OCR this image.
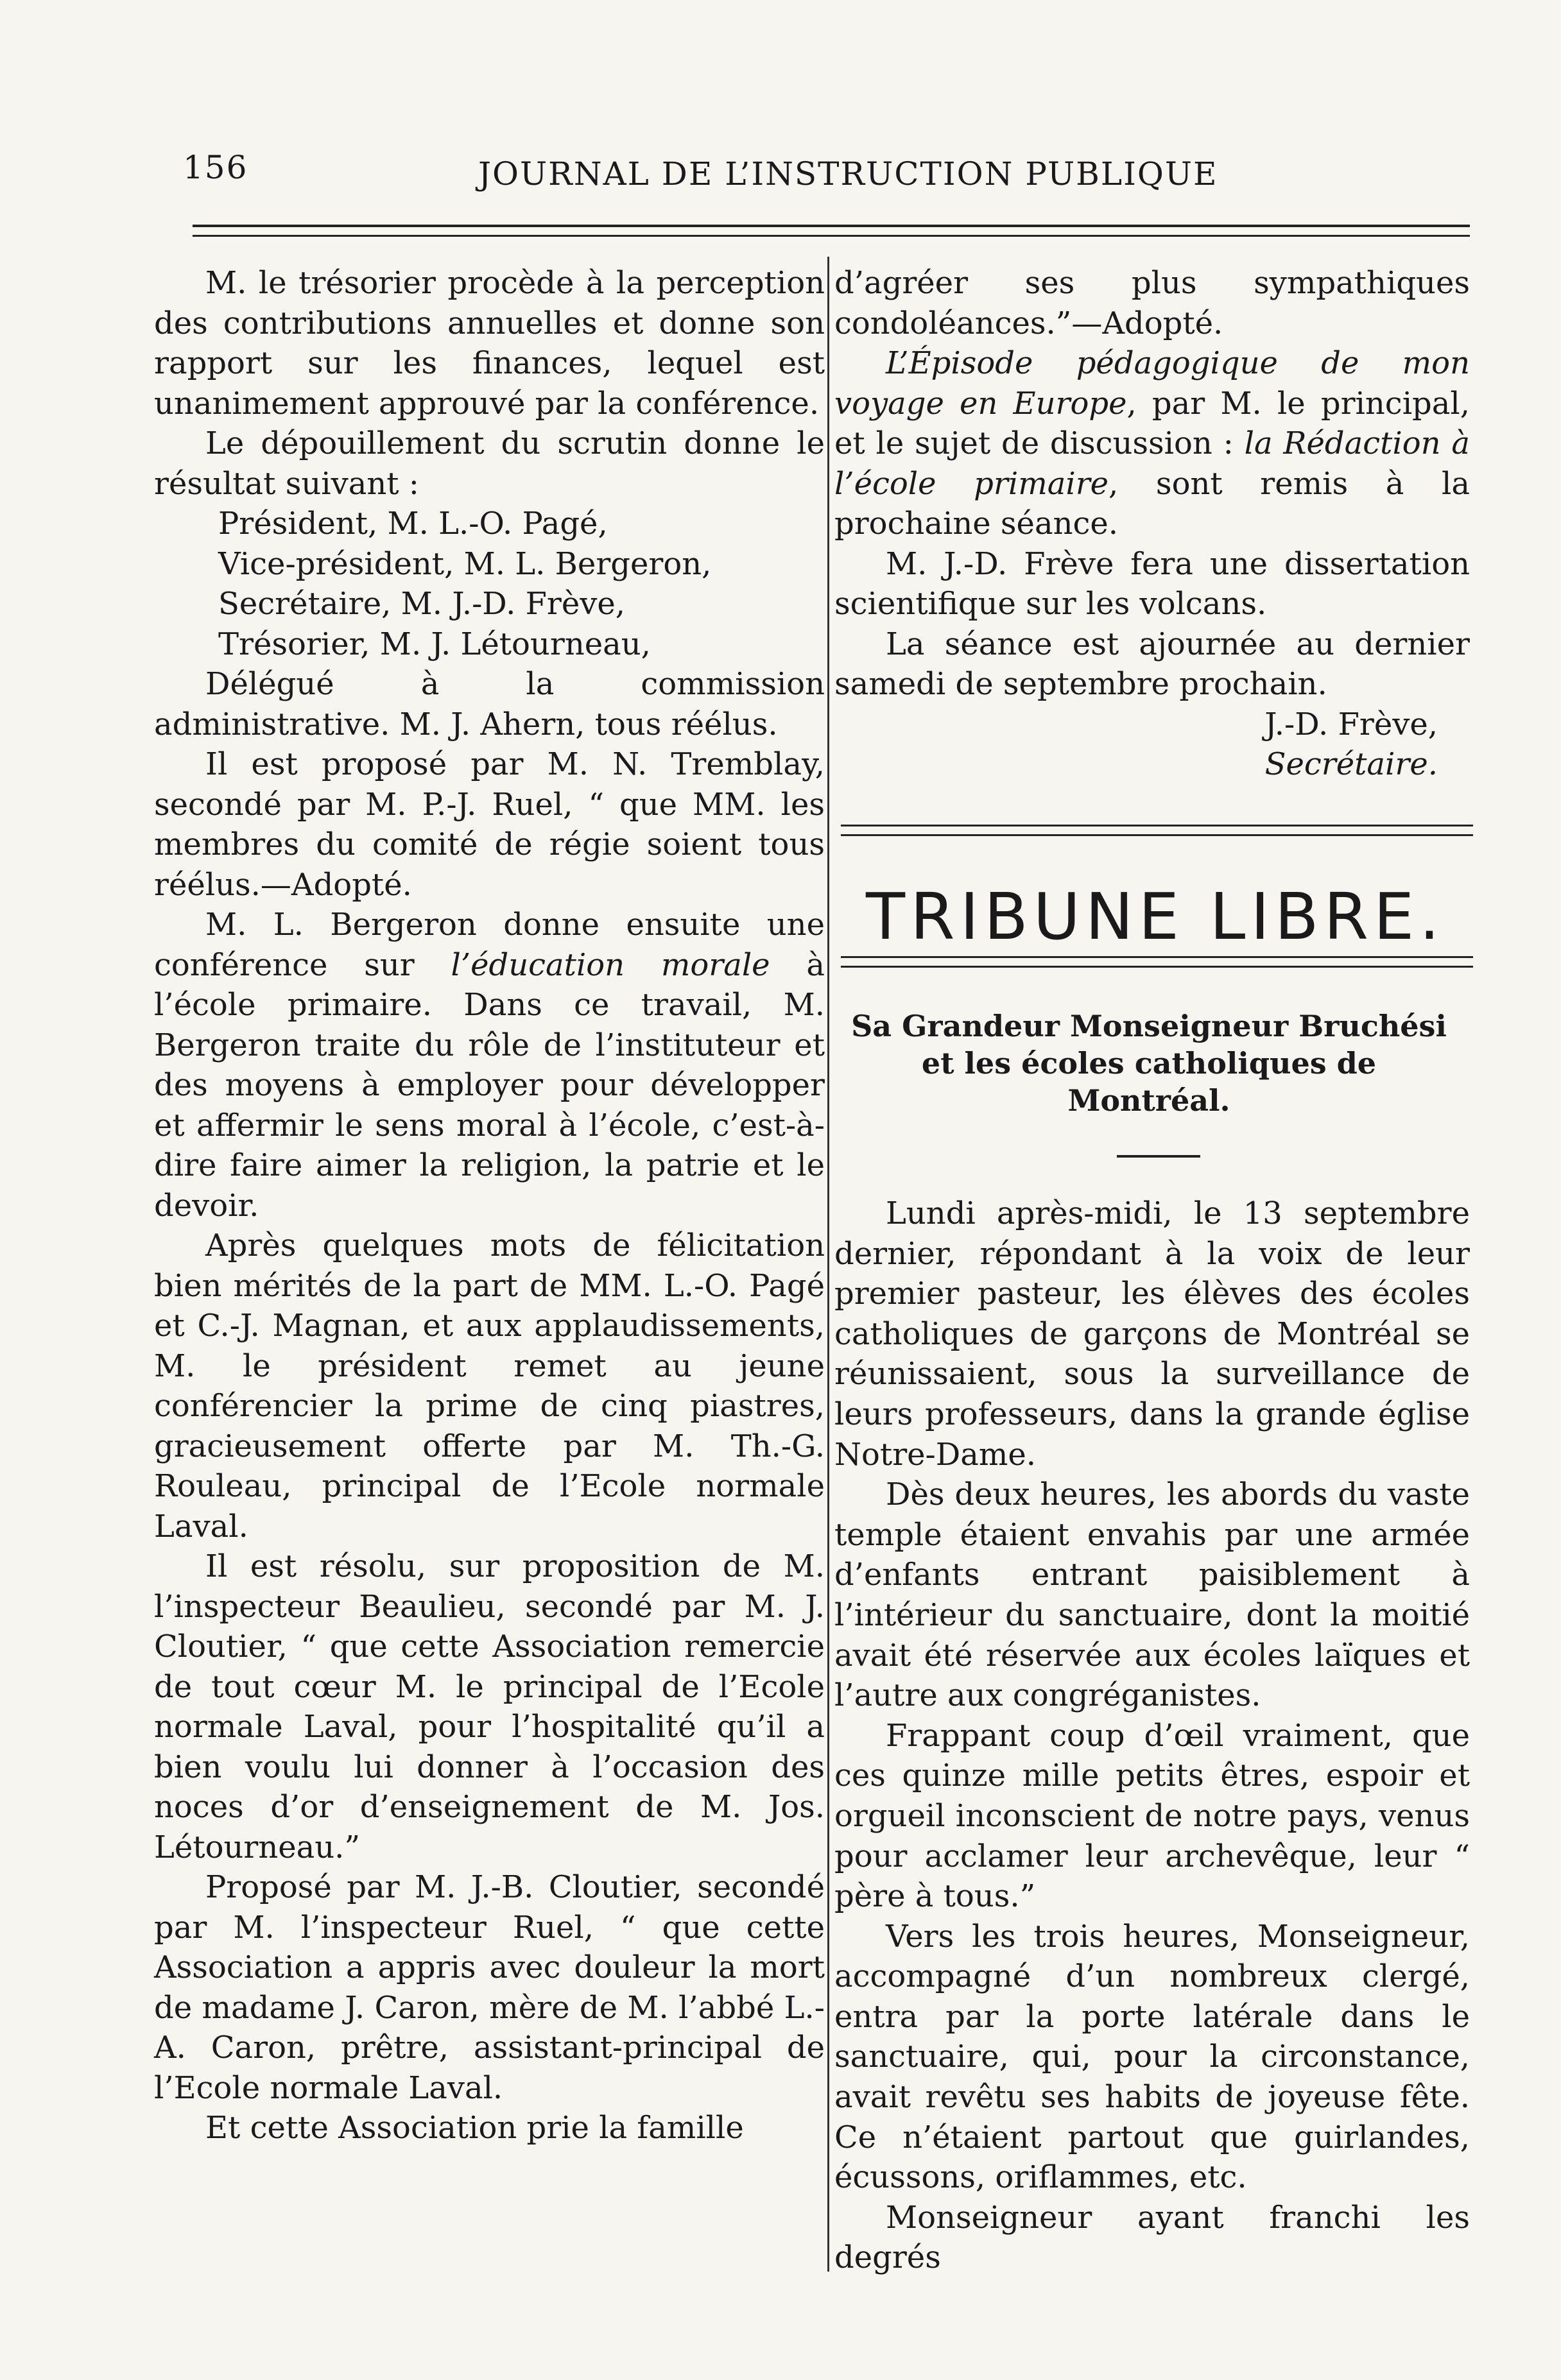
156	JOURNAL DE L’INSTRUCTION PUBLIQUE

M. le trésorier procède à la perception des contributions annuelles et donne son rapport sur les finances, lequel est unanimement approuvé par la conférence.

Le dépouillement du scrutin donne le résultat suivant :

Président, M. L.-O. Pagé,

Vice-président, M. L. Bergeron,

Secrétaire, M. J.-D. Frève,

Trésorier, M. J. Létourneau,

Délégué à la commission administrative. M. J. Ahern, tous réélus.

Il est proposé par M. N. Tremblay, secondé par M. P.-J. Ruel, “ que MM. les membres du comité de régie soient tous réélus.—Adopté.

M. L. Bergeron donne ensuite une conférence sur l’éducation morale à l’école primaire. Dans ce travail, M. Bergeron traite du rôle de l’instituteur et des moyens à employer pour développer et affermir le sens moral à l’école, c’est-à-dire faire aimer la religion, la patrie et le devoir.

Après quelques mots de félicitation bien mérités de la part de MM. L.-O. Pagé et C.-J. Magnan, et aux applaudissements, M. le président remet au jeune conférencier la prime de cinq piastres, gracieusement offerte par M. Th.-G. Rouleau, principal de l’Ecole normale Laval.

Il est résolu, sur proposition de M. l’inspecteur Beaulieu, secondé par M. J. Cloutier, “ que cette Association remercie de tout cœur M. le principal de l’Ecole normale Laval, pour l’hospitalité qu’il a bien voulu lui donner à l’occasion des noces d’or d’enseignement de M. Jos. Létourneau.”

Proposé par M. J.-B. Cloutier, secondé par M. l’inspecteur Ruel, “ que cette Association a appris avec douleur la mort de madame J. Caron, mère de M. l’abbé L.-A. Caron, prêtre, assistant-principal de l’Ecole normale Laval.

Et cette Association prie la famille

d’agréer ses plus sympathiques condoléances.”—Adopté.

L’Épisode pédagogique de mon voyage en Europe, par M. le principal, et le sujet de discussion : la Rédaction à l’école primaire, sont remis à la prochaine séance.

M. J.-D. Frève fera une dissertation scientifique sur les volcans.

La séance est ajournée au dernier samedi de septembre prochain.

J.-D. Frève,

Secrétaire.

TRIBUNE LIBRE.
Sa Grandeur Monseigneur Bruchési et les écoles catholiques de Montréal.

Lundi après-midi, le 13 septembre dernier, répondant à la voix de leur premier pasteur, les élèves des écoles catholiques de garçons de Montréal se réunissaient, sous la surveillance de leurs professeurs, dans la grande église Notre-Dame.

Dès deux heures, les abords du vaste temple étaient envahis par une armée d’enfants entrant paisiblement à l’intérieur du sanctuaire, dont la moitié avait été réservée aux écoles laïques et l’autre aux congréganistes.

Frappant coup d’œil vraiment, que ces quinze mille petits êtres, espoir et orgueil inconscient de notre pays, venus pour acclamer leur archevêque, leur “ père à tous.”

Vers les trois heures, Monseigneur, accompagné d’un nombreux clergé, entra par la porte latérale dans le sanctuaire, qui, pour la circonstance, avait revêtu ses habits de joyeuse fête. Ce n’étaient partout que guirlandes, écussons, oriflammes, etc.

Monseigneur ayant franchi les degrés
